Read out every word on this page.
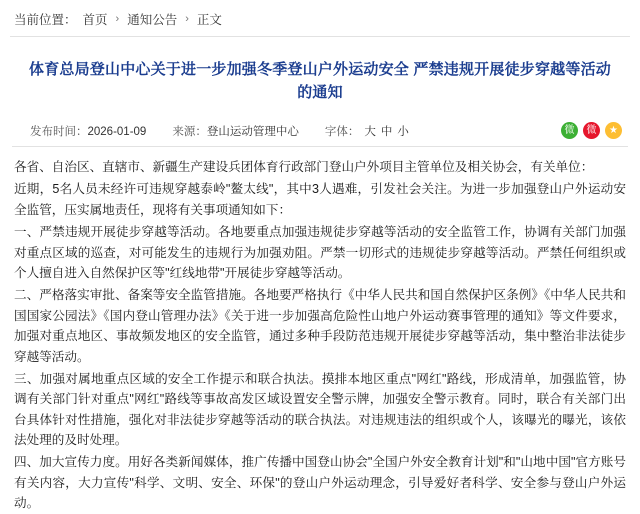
当前位置： 首页 › 通知公告 › 正文
体育总局登山中心关于进一步加强冬季登山户外运动安全 严禁违规开展徒步穿越等活动的通知
发布时间：2026-01-09 来源：登山运动管理中心 字体： 大 中 小	微	微	★

各省、自治区、直辖市、新疆生产建设兵团体育行政部门登山户外项目主管单位及相关协会，有关单位：

近期，5名人员未经许可违规穿越泰岭"鳌太线"，其中3人遇难，引发社会关注。为进一步加强登山户外运动安全监管，压实属地责任，现将有关事项通知如下：

一、严禁违规开展徒步穿越等活动。各地要重点加强违规徒步穿越等活动的安全监管工作，协调有关部门加强对重点区域的巡查，对可能发生的违规行为加强劝阻。严禁一切形式的违规徒步穿越等活动。严禁任何组织或个人擅自进入自然保护区等"红线地带"开展徒步穿越等活动。

二、严格落实审批、备案等安全监管措施。各地要严格执行《中华人民共和国自然保护区条例》《中华人民共和国国家公园法》《国内登山管理办法》《关于进一步加强高危险性山地户外运动赛事管理的通知》等文件要求，加强对重点地区、事故频发地区的安全监管，通过多种手段防范违规开展徒步穿越等活动，集中整治非法徒步穿越等活动。

三、加强对属地重点区域的安全工作提示和联合执法。摸排本地区重点"网红"路线，形成清单，加强监管，协调有关部门针对重点"网红"路线等事故高发区域设置安全警示牌，加强安全警示教育。同时，联合有关部门出台具体针对性措施，强化对非法徒步穿越等活动的联合执法。对违规违法的组织或个人，该曝光的曝光，该依法处理的及时处理。

四、加大宣传力度。用好各类新闻媒体，推广传播中国登山协会"全国户外安全教育计划"和"山地中国"官方账号有关内容，大力宣传"科学、文明、安全、环保"的登山户外运动理念，引导爱好者科学、安全参与登山户外运动。
